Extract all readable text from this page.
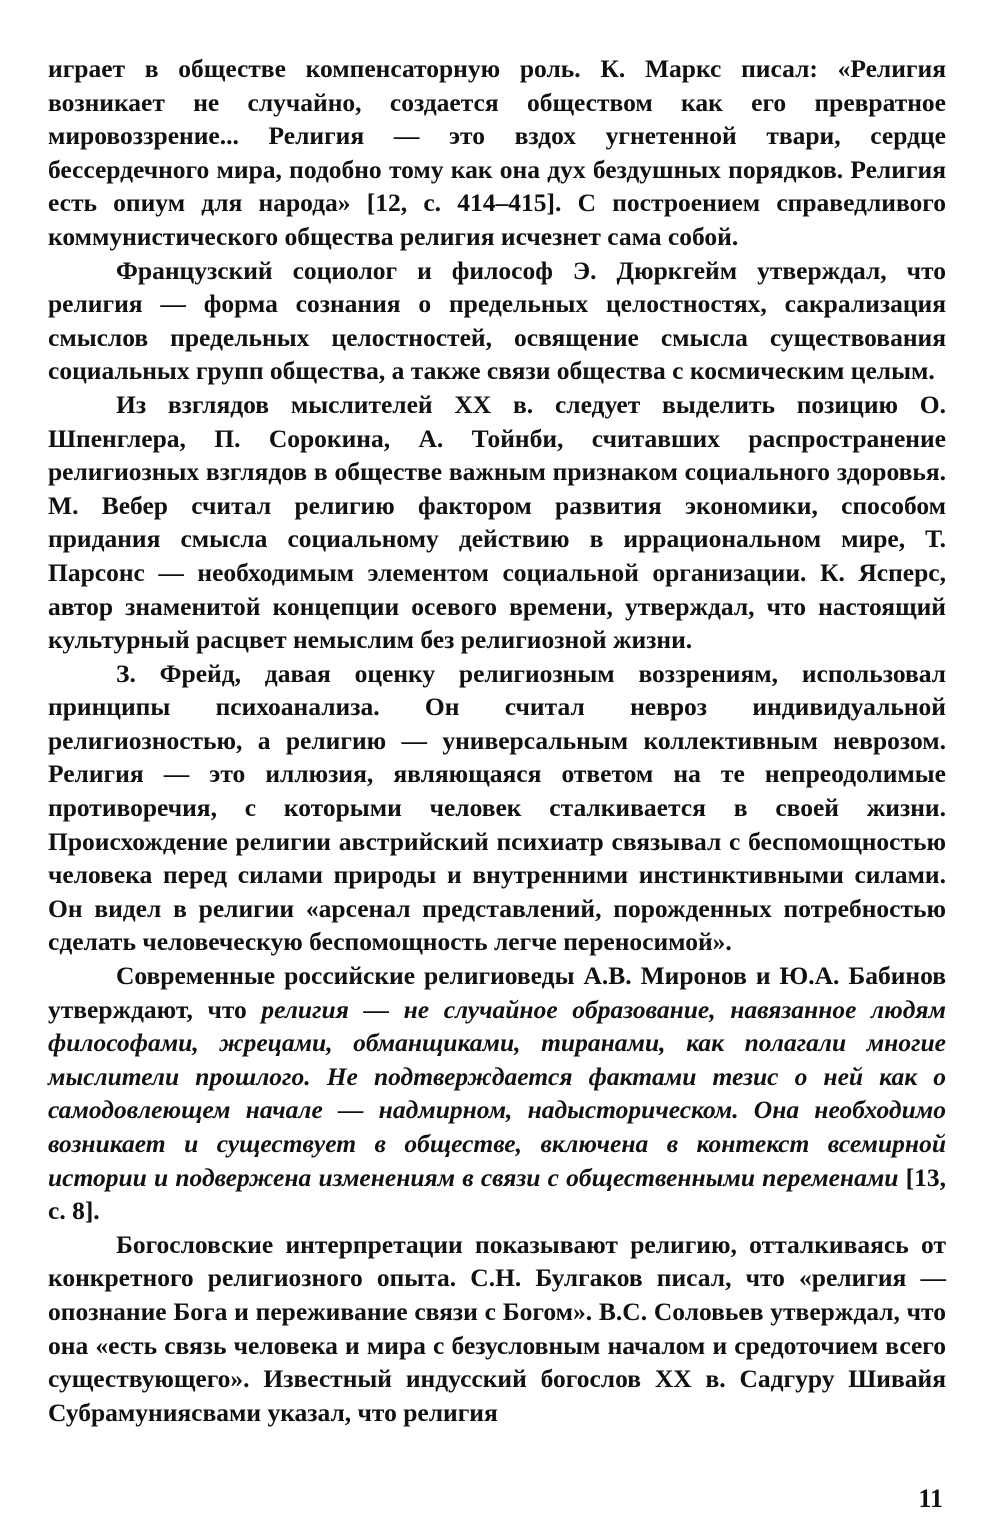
играет в обществе компенсаторную роль. К. Маркс писал: «Религия возникает не случайно, создается обществом как его превратное мировоззрение... Религия — это вздох угнетенной твари, сердце бессердечного мира, подобно тому как она дух бездушных порядков. Религия есть опиум для народа» [12, с. 414–415]. С построением справедливого коммунистического общества религия исчезнет сама собой.

Французский социолог и философ Э. Дюркгейм утверждал, что религия — форма сознания о предельных целостностях, сакрализация смыслов предельных целостностей, освящение смысла существования социальных групп общества, а также связи общества с космическим целым.

Из взглядов мыслителей XX в. следует выделить позицию О. Шпенглера, П. Сорокина, А. Тойнби, считавших распространение религиозных взглядов в обществе важным признаком социального здоровья. М. Вебер считал религию фактором развития экономики, способом придания смысла социальному действию в иррациональном мире, Т. Парсонс — необходимым элементом социальной организации. К. Ясперс, автор знаменитой концепции осевого времени, утверждал, что настоящий культурный расцвет немыслим без религиозной жизни.

З. Фрейд, давая оценку религиозным воззрениям, использовал принципы психоанализа. Он считал невроз индивидуальной религиозностью, а религию — универсальным коллективным неврозом. Религия — это иллюзия, являющаяся ответом на те непреодолимые противоречия, с которыми человек сталкивается в своей жизни. Происхождение религии австрийский психиатр связывал с беспомощностью человека перед силами природы и внутренними инстинктивными силами. Он видел в религии «арсенал представлений, порожденных потребностью сделать человеческую беспомощность легче переносимой».

Современные российские религиоведы А.В. Миронов и Ю.А. Бабинов утверждают, что религия — не случайное образование, навязанное людям философами, жрецами, обманщиками, тиранами, как полагали многие мыслители прошлого. Не подтверждается фактами тезис о ней как о самодовлеющем начале — надмирном, надысторическом. Она необходимо возникает и существует в обществе, включена в контекст всемирной истории и подвержена изменениям в связи с общественными переменами [13, с. 8].

Богословские интерпретации показывают религию, отталкиваясь от конкретного религиозного опыта. С.Н. Булгаков писал, что «религия — опознание Бога и переживание связи с Богом». В.С. Соловьев утверждал, что она «есть связь человека и мира с безусловным началом и средоточием всего существующего». Известный индусский богослов XX в. Садгуру Шивайя Субрамуниясвами указал, что религия

11
